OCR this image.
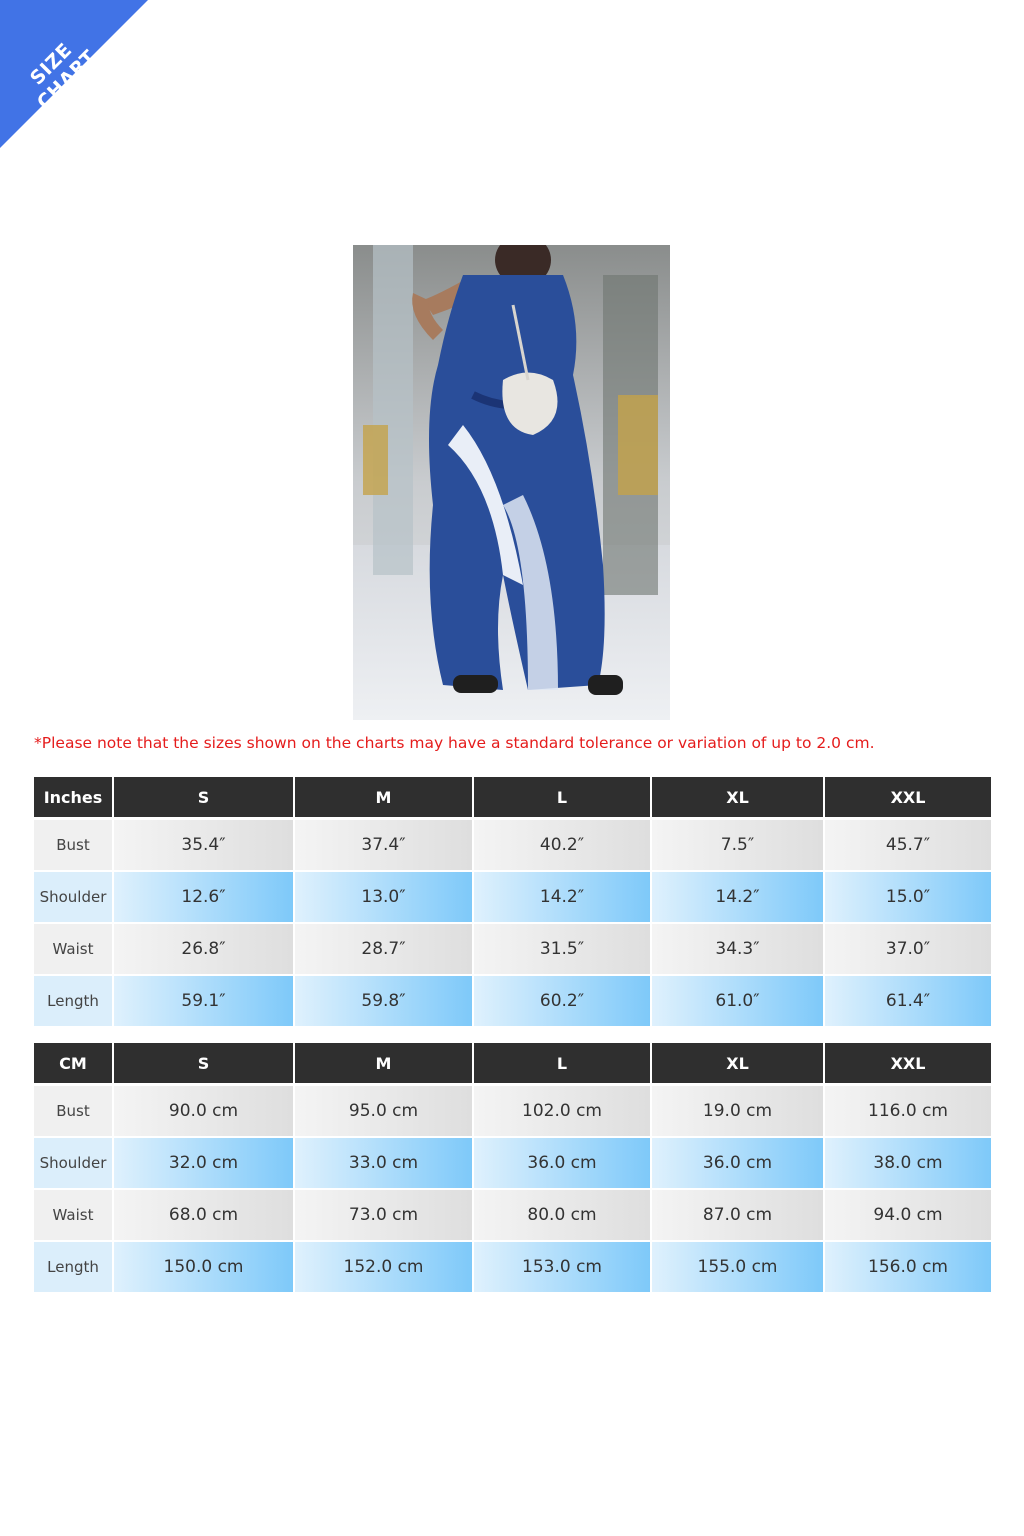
SIZE CHART
*Please note that the sizes shown on the charts may have a standard tolerance or variation of up to 2.0 cm.
Inches	S	M	L	XL	XXL
Bust	35.4″	37.4″	40.2″	7.5″	45.7″
Shoulder	12.6″	13.0″	14.2″	14.2″	15.0″
Waist	26.8″	28.7″	31.5″	34.3″	37.0″
Length	59.1″	59.8″	60.2″	61.0″	61.4″
CM	S	M	L	XL	XXL
Bust	90.0 cm	95.0 cm	102.0 cm	19.0 cm	116.0 cm
Shoulder	32.0 cm	33.0 cm	36.0 cm	36.0 cm	38.0 cm
Waist	68.0 cm	73.0 cm	80.0 cm	87.0 cm	94.0 cm
Length	150.0 cm	152.0 cm	153.0 cm	155.0 cm	156.0 cm
